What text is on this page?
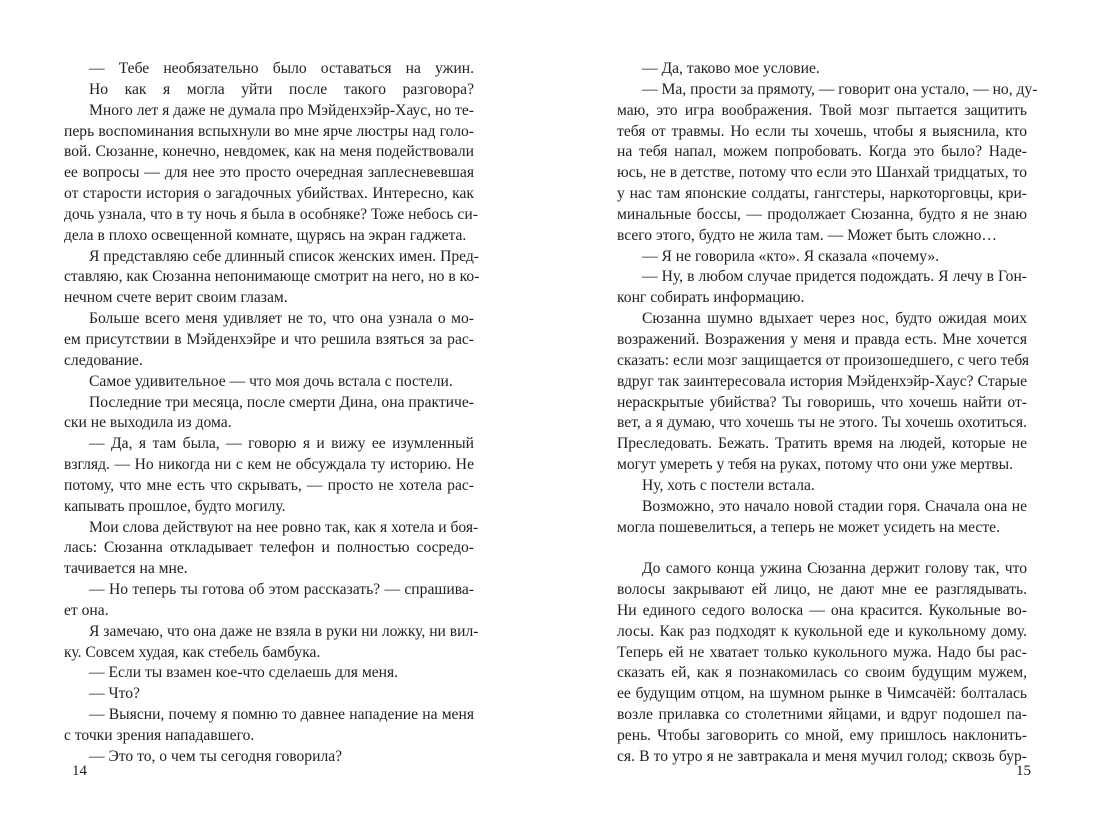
— Тебе необязательно было оставаться на ужин.
Но как я могла уйти после такого разговора?
Много лет я даже не думала про Мэйденхэйр-Хаус, но те-
перь воспоминания вспыхнули во мне ярче люстры над голо-
вой. Сюзанне, конечно, невдомек, как на меня подействовали
ее вопросы — для нее это просто очередная заплесневевшая
от старости история о загадочных убийствах. Интересно, как
дочь узнала, что в ту ночь я была в особняке? Тоже небось си-
дела в плохо освещенной комнате, щурясь на экран гаджета.
Я представляю себе длинный список женских имен. Пред-
ставляю, как Сюзанна непонимающе смотрит на него, но в ко-
нечном счете верит своим глазам.
Больше всего меня удивляет не то, что она узнала о мо-
ем присутствии в Мэйденхэйре и что решила взяться за рас-
следование.
Самое удивительное — что моя дочь встала с постели.
Последние три месяца, после смерти Дина, она практиче-
ски не выходила из дома.
— Да, я там была, — говорю я и вижу ее изумленный
взгляд. — Но никогда ни с кем не обсуждала ту историю. Не
потому, что мне есть что скрывать, — просто не хотела рас-
капывать прошлое, будто могилу.
Мои слова действуют на нее ровно так, как я хотела и боя-
лась: Сюзанна откладывает телефон и полностью сосредо-
тачивается на мне.
— Но теперь ты готова об этом рассказать? — спрашива-
ет она.
Я замечаю, что она даже не взяла в руки ни ложку, ни вил-
ку. Совсем худая, как стебель бамбука.
— Если ты взамен кое-что сделаешь для меня.
— Что?
— Выясни, почему я помню то давнее нападение на меня
с точки зрения нападавшего.
— Это то, о чем ты сегодня говорила?
— Да, таково мое условие.
— Ма, прости за прямоту, — говорит она устало, — но, ду-
маю, это игра воображения. Твой мозг пытается защитить
тебя от травмы. Но если ты хочешь, чтобы я выяснила, кто
на тебя напал, можем попробовать. Когда это было? Наде-
юсь, не в детстве, потому что если это Шанхай тридцатых, то
у нас там японские солдаты, гангстеры, наркоторговцы, кри-
минальные боссы, — продолжает Сюзанна, будто я не знаю
всего этого, будто не жила там. — Может быть сложно…
— Я не говорила «кто». Я сказала «почему».
— Ну, в любом случае придется подождать. Я лечу в Гон-
конг собирать информацию.
Сюзанна шумно вдыхает через нос, будто ожидая моих
возражений. Возражения у меня и правда есть. Мне хочется
сказать: если мозг защищается от произошедшего, с чего тебя
вдруг так заинтересовала история Мэйденхэйр-Хаус? Старые
нераскрытые убийства? Ты говоришь, что хочешь найти от-
вет, а я думаю, что хочешь ты не этого. Ты хочешь охотиться.
Преследовать. Бежать. Тратить время на людей, которые не
могут умереть у тебя на руках, потому что они уже мертвы.
Ну, хоть с постели встала.
Возможно, это начало новой стадии горя. Сначала она не
могла пошевелиться, а теперь не может усидеть на месте.
До самого конца ужина Сюзанна держит голову так, что
волосы закрывают ей лицо, не дают мне ее разглядывать.
Ни единого седого волоска — она красится. Кукольные во-
лосы. Как раз подходят к кукольной еде и кукольному дому.
Теперь ей не хватает только кукольного мужа. Надо бы рас-
сказать ей, как я познакомилась со своим будущим мужем,
ее будущим отцом, на шумном рынке в Чимсачёй: болталась
возле прилавка со столетними яйцами, и вдруг подошел па-
рень. Чтобы заговорить со мной, ему пришлось наклонить-
ся. В то утро я не завтракала и меня мучил голод; сквозь бур-
14	15
